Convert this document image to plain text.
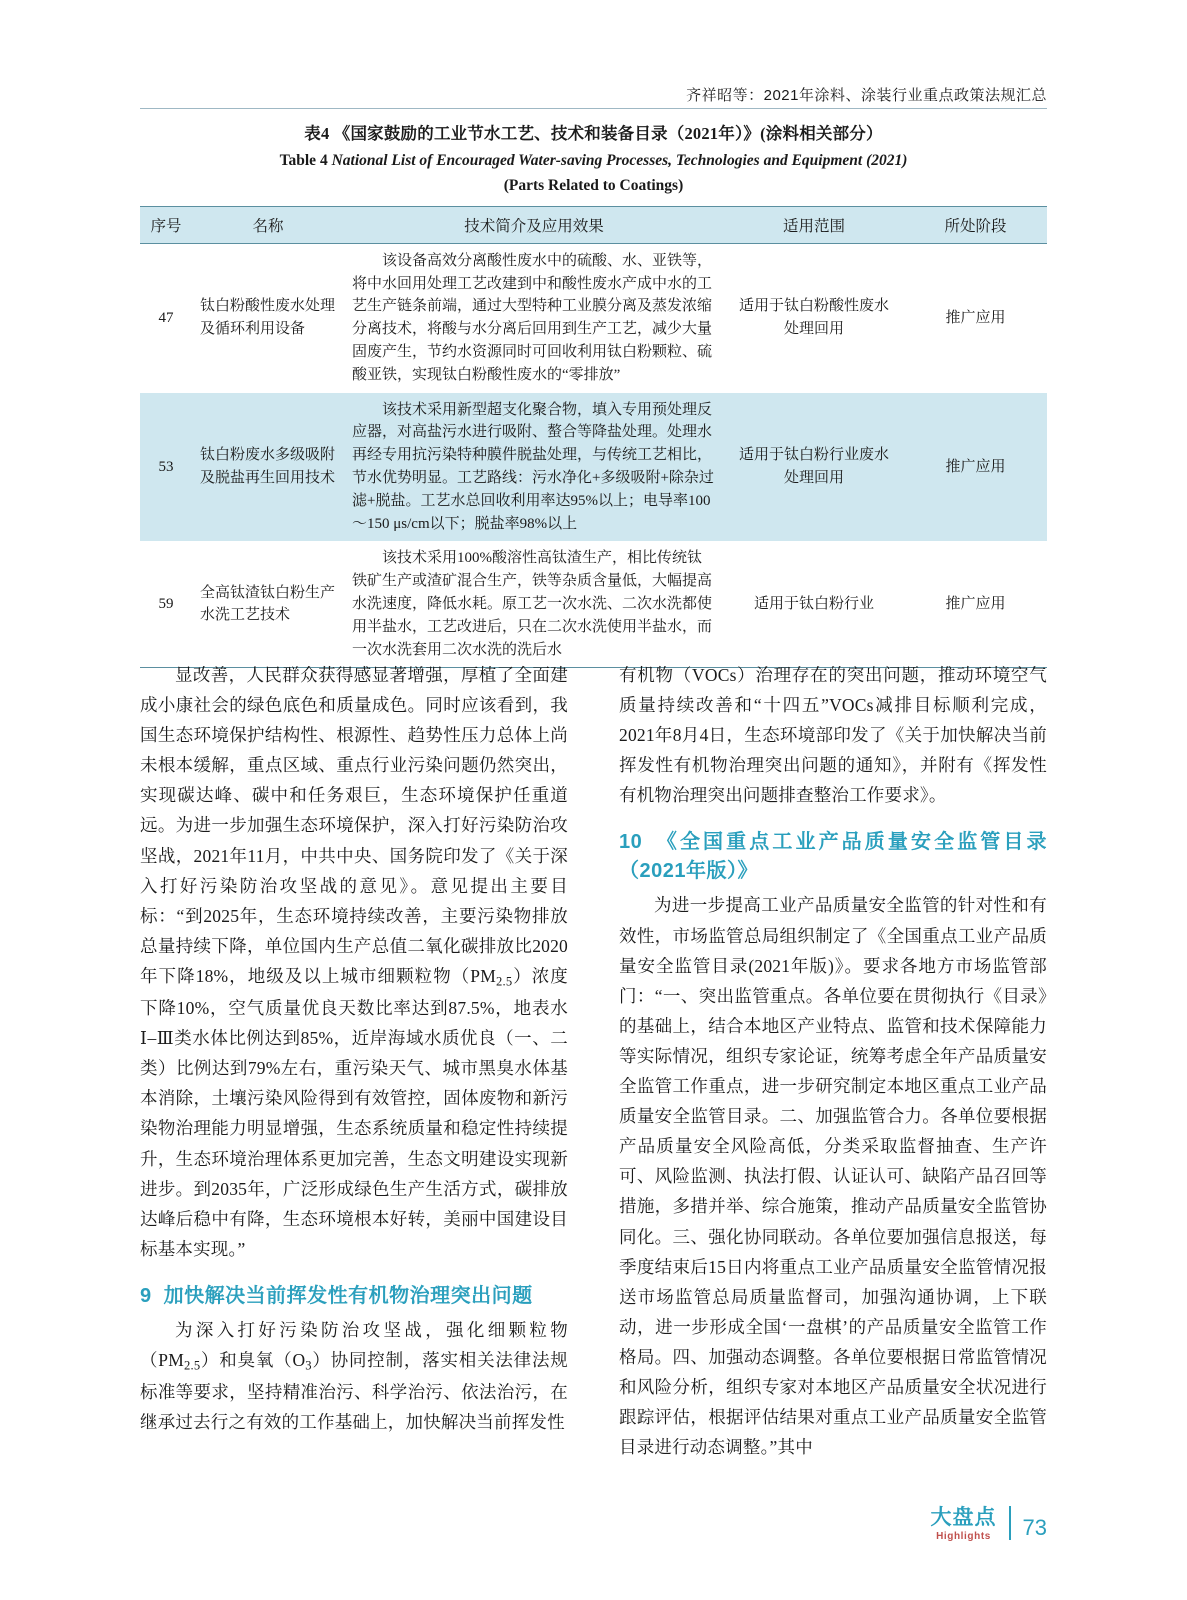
齐祥昭等：2021年涂料、涂装行业重点政策法规汇总
表4 《国家鼓励的工业节水工艺、技术和装备目录（2021年）》(涂料相关部分）
Table 4 National List of Encouraged Water-saving Processes, Technologies and Equipment (2021)
(Parts Related to Coatings)
序号	名称	技术简介及应用效果	适用范围	所处阶段
47	钛白粉酸性废水处理及循环利用设备	该设备高效分离酸性废水中的硫酸、水、亚铁等，将中水回用处理工艺改建到中和酸性废水产成中水的工艺生产链条前端，通过大型特种工业膜分离及蒸发浓缩分离技术，将酸与水分离后回用到生产工艺，减少大量固废产生，节约水资源同时可回收利用钛白粉颗粒、硫酸亚铁，实现钛白粉酸性废水的“零排放”	适用于钛白粉酸性废水处理回用	推广应用
53	钛白粉废水多级吸附及脱盐再生回用技术	该技术采用新型超支化聚合物，填入专用预处理反应器，对高盐污水进行吸附、螯合等降盐处理。处理水再经专用抗污染特种膜件脱盐处理，与传统工艺相比，节水优势明显。工艺路线：污水净化+多级吸附+除杂过滤+脱盐。工艺水总回收利用率达95%以上；电导率100～150 μs/cm以下；脱盐率98%以上	适用于钛白粉行业废水处理回用	推广应用
59	全高钛渣钛白粉生产水洗工艺技术	该技术采用100%酸溶性高钛渣生产，相比传统钛铁矿生产或渣矿混合生产，铁等杂质含量低，大幅提高水洗速度，降低水耗。原工艺一次水洗、二次水洗都使用半盐水，工艺改进后，只在二次水洗使用半盐水，而一次水洗套用二次水洗的洗后水	适用于钛白粉行业	推广应用

显改善，人民群众获得感显著增强，厚植了全面建成小康社会的绿色底色和质量成色。同时应该看到，我国生态环境保护结构性、根源性、趋势性压力总体上尚未根本缓解，重点区域、重点行业污染问题仍然突出，实现碳达峰、碳中和任务艰巨，生态环境保护任重道远。为进一步加强生态环境保护，深入打好污染防治攻坚战，2021年11月，中共中央、国务院印发了《关于深入打好污染防治攻坚战的意见》。意见提出主要目标：“到2025年，生态环境持续改善，主要污染物排放总量持续下降，单位国内生产总值二氧化碳排放比2020年下降18%，地级及以上城市细颗粒物$(PM_{2.5})$浓度下降10%，空气质量优良天数比率达到87.5%，地表水Ⅰ–Ⅲ类水体比例达到85%，近岸海域水质优良（一、二类）比例达到79%左右，重污染天气、城市黑臭水体基本消除，土壤污染风险得到有效管控，固体废物和新污染物治理能力明显增强，生态系统质量和稳定性持续提升，生态环境治理体系更加完善，生态文明建设实现新进步。到2035年，广泛形成绿色生产生活方式，碳排放达峰后稳中有降，生态环境根本好转，美丽中国建设目标基本实现。”

9 加快解决当前挥发性有机物治理突出问题

为深入打好污染防治攻坚战，强化细颗粒物$(PM_{2.5})$和臭氧$(O_3)$协同控制，落实相关法律法规标准等要求，坚持精准治污、科学治污、依法治污，在继承过去行之有效的工作基础上，加快解决当前挥发性

有机物（VOCs）治理存在的突出问题，推动环境空气质量持续改善和“十四五”VOCs减排目标顺利完成，2021年8月4日，生态环境部印发了《关于加快解决当前挥发性有机物治理突出问题的通知》，并附有《挥发性有机物治理突出问题排查整治工作要求》。

10 《全国重点工业产品质量安全监管目录（2021年版）》

为进一步提高工业产品质量安全监管的针对性和有效性，市场监管总局组织制定了《全国重点工业产品质量安全监管目录(2021年版)》。要求各地方市场监管部门：“一、突出监管重点。各单位要在贯彻执行《目录》的基础上，结合本地区产业特点、监管和技术保障能力等实际情况，组织专家论证，统筹考虑全年产品质量安全监管工作重点，进一步研究制定本地区重点工业产品质量安全监管目录。二、加强监管合力。各单位要根据产品质量安全风险高低，分类采取监督抽查、生产许可、风险监测、执法打假、认证认可、缺陷产品召回等措施，多措并举、综合施策，推动产品质量安全监管协同化。三、强化协同联动。各单位要加强信息报送，每季度结束后15日内将重点工业产品质量安全监管情况报送市场监管总局质量监督司，加强沟通协调，上下联动，进一步形成全国‘一盘棋’的产品质量安全监管工作格局。四、加强动态调整。各单位要根据日常监管情况和风险分析，组织专家对本地区产品质量安全状况进行跟踪评估，根据评估结果对重点工业产品质量安全监管目录进行动态调整。”其中

大盘点
Highlights 73
